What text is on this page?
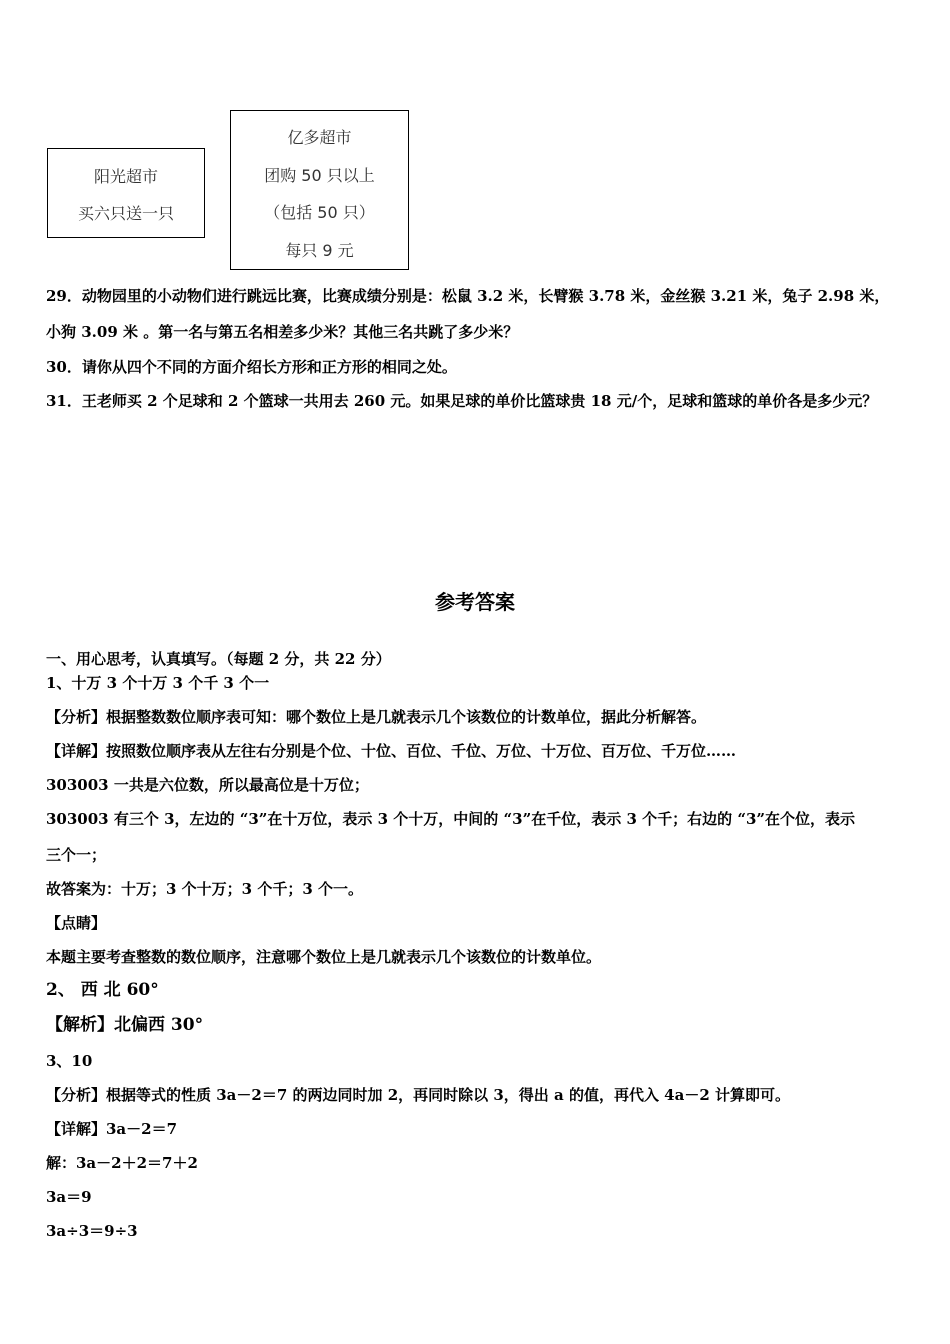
阳光超市
买六只送一只
亿多超市
团购 50 只以上
（包括 50 只）
每只 9 元
29．动物园里的小动物们进行跳远比赛，比赛成绩分别是：松鼠 3.2 米，长臂猴 3.78 米，金丝猴 3.21 米，兔子 2.98 米，
小狗 3.09 米 。第一名与第五名相差多少米？其他三名共跳了多少米？
30．请你从四个不同的方面介绍长方形和正方形的相同之处。
31．王老师买 2 个足球和 2 个篮球一共用去 260 元。如果足球的单价比篮球贵 18 元/个，足球和篮球的单价各是多少元？
参考答案
一、用心思考，认真填写。（每题 2 分，共 22 分）
1、十万 3 个十万 3 个千 3 个一
【分析】根据整数数位顺序表可知：哪个数位上是几就表示几个该数位的计数单位，据此分析解答。
【详解】按照数位顺序表从左往右分别是个位、十位、百位、千位、万位、十万位、百万位、千万位……
303003 一共是六位数，所以最高位是十万位；
303003 有三个 3，左边的 “3”在十万位，表示 3 个十万，中间的 “3”在千位，表示 3 个千；右边的 “3”在个位，表示
三个一；
故答案为：十万；3 个十万；3 个千；3 个一。
【点睛】
本题主要考查整数的数位顺序，注意哪个数位上是几就表示几个该数位的计数单位。
2、 西 北 60°
【解析】北偏西 30°
3、10
【分析】根据等式的性质 3a－2＝7 的两边同时加 2，再同时除以 3，得出 a 的值，再代入 4a－2 计算即可。
【详解】3a－2＝7
解：3a－2＋2＝7＋2
3a＝9
3a÷3＝9÷3
